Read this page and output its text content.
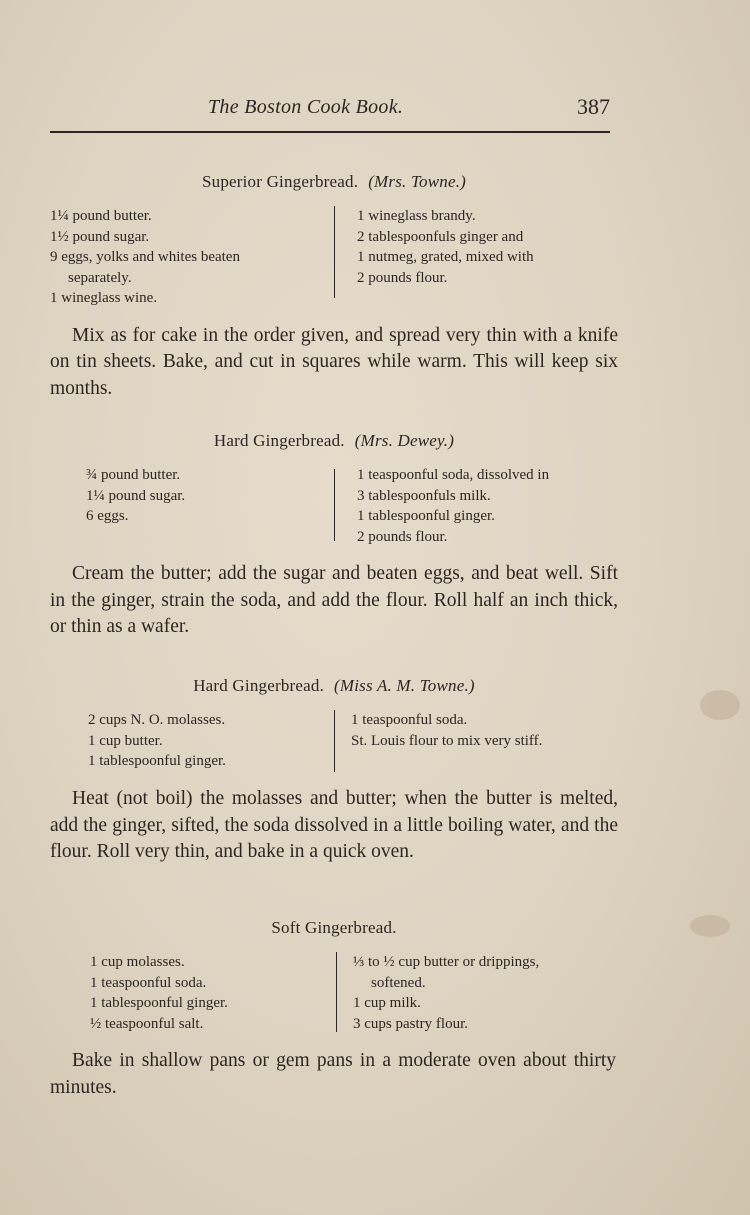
The Boston Cook Book.	387
Superior Gingerbread. (Mrs. Towne.)
1¼ pound butter.
1½ pound sugar.
9 eggs, yolks and whites beaten
separately.
1 wineglass wine.
1 wineglass brandy.
2 tablespoonfuls ginger and
1 nutmeg, grated, mixed with
2 pounds flour.
Mix as for cake in the order given, and spread very thin with a knife on tin sheets. Bake, and cut in squares while warm. This will keep six months.
Hard Gingerbread. (Mrs. Dewey.)
¾ pound butter.
1¼ pound sugar.
6 eggs.
1 teaspoonful soda, dissolved in
3 tablespoonfuls milk.
1 tablespoonful ginger.
2 pounds flour.
Cream the butter; add the sugar and beaten eggs, and beat well. Sift in the ginger, strain the soda, and add the flour. Roll half an inch thick, or thin as a wafer.
Hard Gingerbread. (Miss A. M. Towne.)
2 cups N. O. molasses.
1 cup butter.
1 tablespoonful ginger.
1 teaspoonful soda.
St. Louis flour to mix very stiff.
Heat (not boil) the molasses and butter; when the butter is melted, add the ginger, sifted, the soda dissolved in a little boiling water, and the flour. Roll very thin, and bake in a quick oven.
Soft Gingerbread.
1 cup molasses.
1 teaspoonful soda.
1 tablespoonful ginger.
½ teaspoonful salt.
⅓ to ½ cup butter or drippings,
softened.
1 cup milk.
3 cups pastry flour.
Bake in shallow pans or gem pans in a moderate oven about thirty minutes.
